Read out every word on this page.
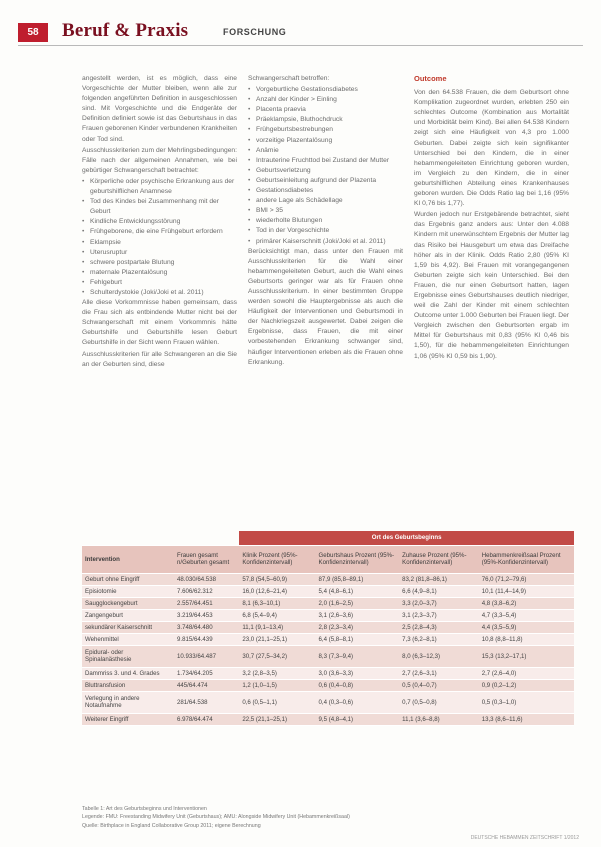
58	Beruf & Praxis	FORSCHUNG

angestellt werden, ist es möglich, dass eine Vorgeschichte der Mutter bleiben, wenn alle zur folgenden angeführten Definition in ausgeschlossen sind. Mit Vorgeschichte und die Endgeräte der Definition definiert sowie ist das Geburtshaus in das Frauen geborenen Kinder verbundenen Krankheiten oder Tod sind.

Ausschlusskriterien zum der Mehrlingsbedingungen: Fälle nach der allgemeinen Annahmen, wie bei gebürtiger Schwangerschaft betrachtet:

• Körperliche oder psychische Erkrankung aus der geburtshilflichen Anamnese
• Tod des Kindes bei Zusammenhang mit der Geburt
• Kindliche Entwicklungsstörung
• Frühgeborene, die eine Frühgeburt erfordern
• Eklampsie
• Uterusruptur
• schwere postpartale Blutung
• maternale Plazentalösung
• Fehlgeburt
• Schulterdystokie (Joki/Joki et al. 2011)

Alle diese Vorkommnisse haben gemeinsam, dass die Frau sich als entbindende Mutter nicht bei der Schwangerschaft mit einem Vorkommnis hätte Geburtshilfe und Geburtshilfe lesen Geburt Geburtshilfe in der Sicht wenn Frauen wählen.

Ausschlusskriterien für alle Schwangeren an die Sie an der Geburten sind, diese

Schwangerschaft betroffen:

• Vorgeburtliche Gestationsdiabetes
• Anzahl der Kinder > Einling
• Placenta praevia
• Präeklampsie, Bluthochdruck
• Frühgeburtsbestrebungen
• vorzeitige Plazentalösung
• Anämie
• Intrauterine Fruchttod bei Zustand der Mutter
• Geburtsverletzung
• Geburtseinleitung aufgrund der Plazenta
• Gestationsdiabetes
• andere Lage als Schädellage
• BMI > 35
• wiederholte Blutungen
• Tod in der Vorgeschichte
• primärer Kaiserschnitt (Joki/Joki et al. 2011)

Berücksichtigt man, dass unter den Frauen mit Ausschlusskriterien für die Wahl einer hebammengeleiteten Geburt, auch die Wahl eines Geburtsorts geringer war als für Frauen ohne Ausschlusskriterium. In einer bestimmten Gruppe werden sowohl die Hauptergebnisse als auch die Häufigkeit der Interventionen und Geburtsmodi in der Nachkriegszeit ausgewertet. Dabei zeigen die Ergebnisse, dass Frauen, die mit einer vorbestehenden Erkrankung schwanger sind, häufiger Interventionen erleben als die Frauen ohne Erkrankung.

Outcome

Von den 64.538 Frauen, die dem Geburtsort ohne Komplikation zugeordnet wurden, erlebten 250 ein schlechtes Outcome (Kombination aus Mortalität und Morbidität beim Kind). Bei allen 64.538 Kindern zeigt sich eine Häufigkeit von 4,3 pro 1.000 Geburten. Dabei zeigte sich kein signifikanter Unterschied bei den Kindern, die in einer hebammengeleiteten Einrichtung geboren wurden, im Vergleich zu den Kindern, die in einer geburtshilflichen Abteilung eines Krankenhauses geboren wurden. Die Odds Ratio lag bei 1,16 (95% KI 0,76 bis 1,77).

Wurden jedoch nur Erstgebärende betrachtet, sieht das Ergebnis ganz anders aus: Unter den 4.088 Kindern mit unerwünschtem Ergebnis der Mutter lag das Risiko bei Hausgeburt um etwa das Dreifache höher als in der Klinik. Odds Ratio 2,80 (95% KI 1,59 bis 4,92). Bei Frauen mit vorangegangenen Geburten zeigte sich kein Unterschied. Bei den Frauen, die nur einen Geburtsort hatten, lagen Ergebnisse eines Geburtshauses deutlich niedriger, weil die Zahl der Kinder mit einem schlechten Outcome unter 1.000 Geburten bei Frauen liegt. Der Vergleich zwischen den Geburtsorten ergab im Mittel für Geburtshaus mit 0,83 (95% KI 0,46 bis 1,50), für die hebammengeleiteten Einrichtungen 1,06 (95% KI 0,59 bis 1,90).

		Ort des Geburtsbeginns			
Intervention	Frauen gesamt n/Geburten gesamt	Klinik Prozent (95%-Konfidenzintervall)	Geburtshaus Prozent (95%-Konfidenzintervall)	Zuhause Prozent (95%-Konfidenzintervall)	Hebammenkreißsaal Prozent (95%-Konfidenzintervall)
Geburt ohne Eingriff	48.030/64.538	57,8 (54,5–60,9)	87,9 (85,8–89,1)	83,2 (81,8–86,1)	76,0 (71,2–79,6)
Episiotomie	7.606/62.312	16,0 (12,6–21,4)	5,4 (4,8–6,1)	6,6 (4,9–8,1)	10,1 (11,4–14,9)
Saugglockengeburt	2.557/64.451	8,1 (6,3–10,1)	2,0 (1,6–2,5)	3,3 (2,0–3,7)	4,8 (3,8–6,2)
Zangengeburt	3.219/64.453	6,8 (5,4–9,4)	3,1 (2,6–3,6)	3,1 (2,3–3,7)	4,7 (3,3–5,4)
sekundärer Kaiserschnitt	3.748/64.480	11,1 (9,1–13,4)	2,8 (2,3–3,4)	2,5 (2,8–4,3)	4,4 (3,5–5,9)
Wehenmittel	9.815/64.439	23,0 (21,1–25,1)	6,4 (5,8–8,1)	7,3 (6,2–8,1)	10,8 (8,8–11,8)
Epidural- oder Spinalanästhesie	10.933/64.487	30,7 (27,5–34,2)	8,3 (7,3–9,4)	8,0 (6,3–12,3)	15,3 (13,2–17,1)
Dammriss 3. und 4. Grades	1.734/64.205	3,2 (2,8–3,5)	3,0 (3,6–3,3)	2,7 (2,6–3,1)	2,7 (2,6–4,0)
Bluttransfusion	445/64.474	1,2 (1,0–1,5)	0,6 (0,4–0,8)	0,5 (0,4–0,7)	0,9 (0,2–1,2)
Verlegung in andere Notaufnahme	281/64.538	0,6 (0,5–1,1)	0,4 (0,3–0,6)	0,7 (0,5–0,8)	0,5 (0,3–1,0)
Weiterer Eingriff	6.978/64.474	22,5 (21,1–25,1)	9,5 (4,8–4,1)	11,1 (3,6–8,8)	13,3 (8,6–11,6)
Tabelle 1: Art des Geburtsbeginns und Interventionen
Legende: FMU: Freestanding Midwifery Unit (Geburtshaus); AMU: Alongside Midwifery Unit (Hebammenkreißsaal)
Quelle: Birthplace in England Collaborative Group 2011; eigene Berechnung
DEUTSCHE HEBAMMEN ZEITSCHRIFT 1/2012
